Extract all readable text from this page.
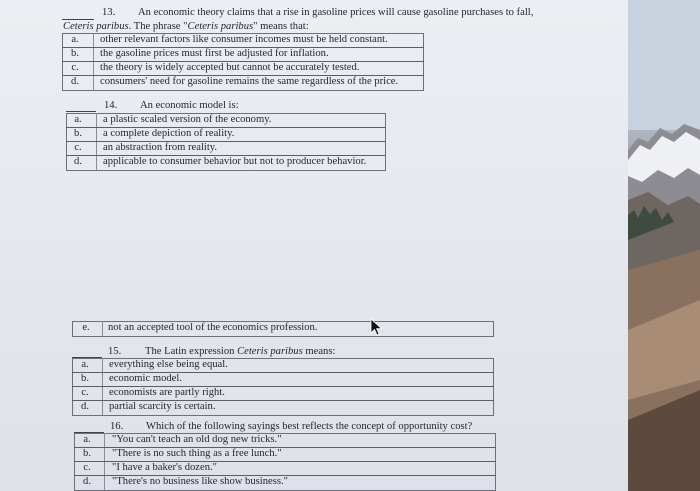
13. An economic theory claims that a rise in gasoline prices will cause gasoline purchases to fall,
Ceteris paribus. The phrase "Ceteris paribus" means that:
a.	other relevant factors like consumer incomes must be held constant.
b.	the gasoline prices must first be adjusted for inflation.
c.	the theory is widely accepted but cannot be accurately tested.
d.	consumers' need for gasoline remains the same regardless of the price.
14. An economic model is:
a.	a plastic scaled version of the economy.
b.	a complete depiction of reality.
c.	an abstraction from reality.
d.	applicable to consumer behavior but not to producer behavior.
e.	not an accepted tool of the economics profession.
15. The Latin expression Ceteris paribus means:
a.	everything else being equal.
b.	economic model.
c.	economists are partly right.
d.	partial scarcity is certain.
16. Which of the following sayings best reflects the concept of opportunity cost?
a.	"You can't teach an old dog new tricks."
b.	"There is no such thing as a free lunch."
c.	"I have a baker's dozen."
d.	"There's no business like show business."
